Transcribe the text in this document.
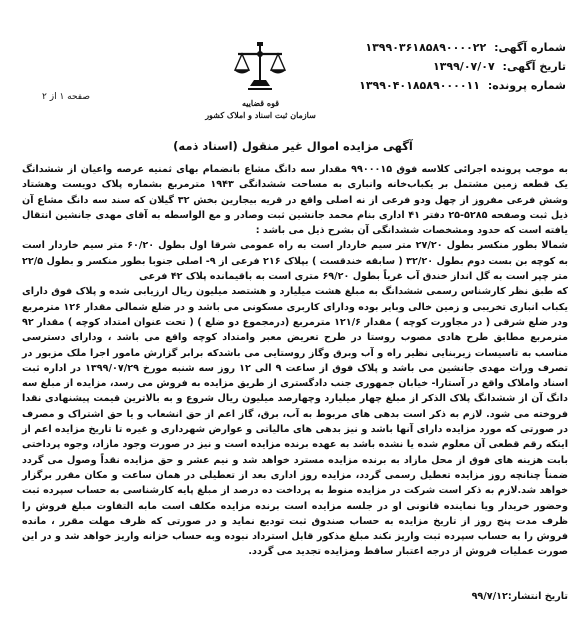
شماره آگهی: ۱۳۹۹۰۳۶۱۸۵۸۹۰۰۰۰۲۲
تاریخ آگهی: ۱۳۹۹/۰۷/۰۷
شماره پرونده: ۱۳۹۹۰۴۰۱۸۵۸۹۰۰۰۰۱۱
قوه قضاییه
سازمان ثبت اسناد و املاک کشور
صفحه ۱ از ۲
آگهی مزایده اموال غیر منقول (اسناد ذمه)

به موجب پرونده اجرائی کلاسه فوق ۹۹۰۰۰۱۵ مقدار سه دانگ مشاع بانضمام بهای ثمنیه عرصه واعیان از ششدانگ یک قطعه زمین مشتمل بر یکباب‌خانه وانباری به مساحت ششدانگی ۱۹۴۳ مترمربع بشماره پلاک دویست وهشتاد وشش فرعی مفروز از چهل ودو فرعی از نه اصلی واقع در قریه بیجارین بخش ۳۲ گیلان که سند سه دانگ مشاع آن ذیل ثبت وصفحه ۵۲۸۵-۲۵ دفتر ۴۱ اداری بنام محمد جانشین ثبت وصادر و مع الواسطه به آقای مهدی جانشین انتقال یافته است که حدود ومشخصات ششدانگی آن بشرح ذیل می باشد :

شمالا بطور منکسر بطول ۲۷/۲۰ متر سیم خاردار است به راه عمومی شرقا اول بطول ۶۰/۲۰ متر سیم خاردار است به کوچه بن بست دوم بطول ۳۲/۲۰ ( سابقه خندقست ) بپلاک ۲۱۶ فرعی از ۹- اصلی جنوبا بطور منکسر و بطول ۲۲/۵ متر چپر است به گل انداز خندق آب غرباً بطول ۶۹/۲۰ متری است به باقیمانده پلاک ۴۲ فرعی

که طبق نظر کارشناس رسمی ششدانگ به مبلغ هشت میلیارد و هشتصد میلیون ریال ارزیابی شده و پلاک فوق دارای یکباب انباری تخریبی و زمین خالی وبایر بوده ودارای کاربری مسکونی می باشد و در ضلع شمالی مقدار ۱۲۶ مترمربع ودر ضلع شرقی ( در مجاورت کوچه ) مقدار ۱۲۱/۶ مترمربع (درمجموع دو ضلع ) ( تحت عنوان امتداد کوچه ) مقدار ۹۲ مترمربع مطابق طرح هادی مصوب روستا در طرح تعریض معبر وامتداد کوچه واقع می باشد ، ودارای دسترسی مناسب به تاسیسات زیربنایی نظیر راه و آب وبرق وگاز روستایی می باشدکه برابر گزارش مامور اجرا ملک مزبور در تصرف وراث مهدی جانشین می باشد و پلاک فوق از ساعت ۹ الی ۱۲ روز سه شنبه مورخ ۱۳۹۹/۰۷/۲۹ در اداره ثبت اسناد واملاک واقع در آستارا- خیابان جمهوری جنب دادگستری از طریق مزایده به فروش می رسد، مزایده از مبلغ سه دانگ آن از ششدانگ پلاک الذکر از مبلغ چهار میلیارد وچهارصد میلیون ریال شروع و به بالاترین قیمت پیشنهادی نقدا فروخته می شود. لازم به ذکر است بدهی های مربوط به آب، برق، گاز اعم از حق انشعاب و یا حق اشتراک و مصرف در صورتی که مورد مزایده دارای آنها باشد و نیز بدهی های مالیاتی و عوارض شهرداری و غیره تا تاریخ مزایده اعم از اینکه رقم قطعی آن معلوم شده یا نشده باشد به عهده برنده مزایده است و نیز در صورت وجود مازاد، وجوه پرداختی بابت هزینه های فوق از محل مازاد به برنده مزایده مسترد خواهد شد و نیم عشر و حق مزایده نقداً وصول می گردد ضمناً چنانچه روز مزایده تعطیل رسمی گردد، مزایده روز اداری بعد از تعطیلی در همان ساعت و مکان مقرر برگزار خواهد شد.لازم به ذکر است شرکت در مزایده منوط به پرداخت ده درصد از مبلغ پایه کارشناسی به حساب سپرده ثبت وحضور خریدار ویا نماینده قانونی او در جلسه مزایده است برنده مزایده مکلف است مابه التفاوت مبلغ فروش را ظرف مدت پنج روز از تاریخ مزایده به حساب صندوق ثبت تودیع نماید و در صورتی که ظرف مهلت مقرر ، مانده فروش را به حساب سپرده ثبت واریز نکند مبلغ مذکور قابل استرداد نبوده وبه حساب خزانه واریز خواهد شد و در این صورت عملیات فروش از درجه اعتبار ساقط ومزایده تجدید می گردد.

تاریخ انتشار:۹۹/۷/۱۲
